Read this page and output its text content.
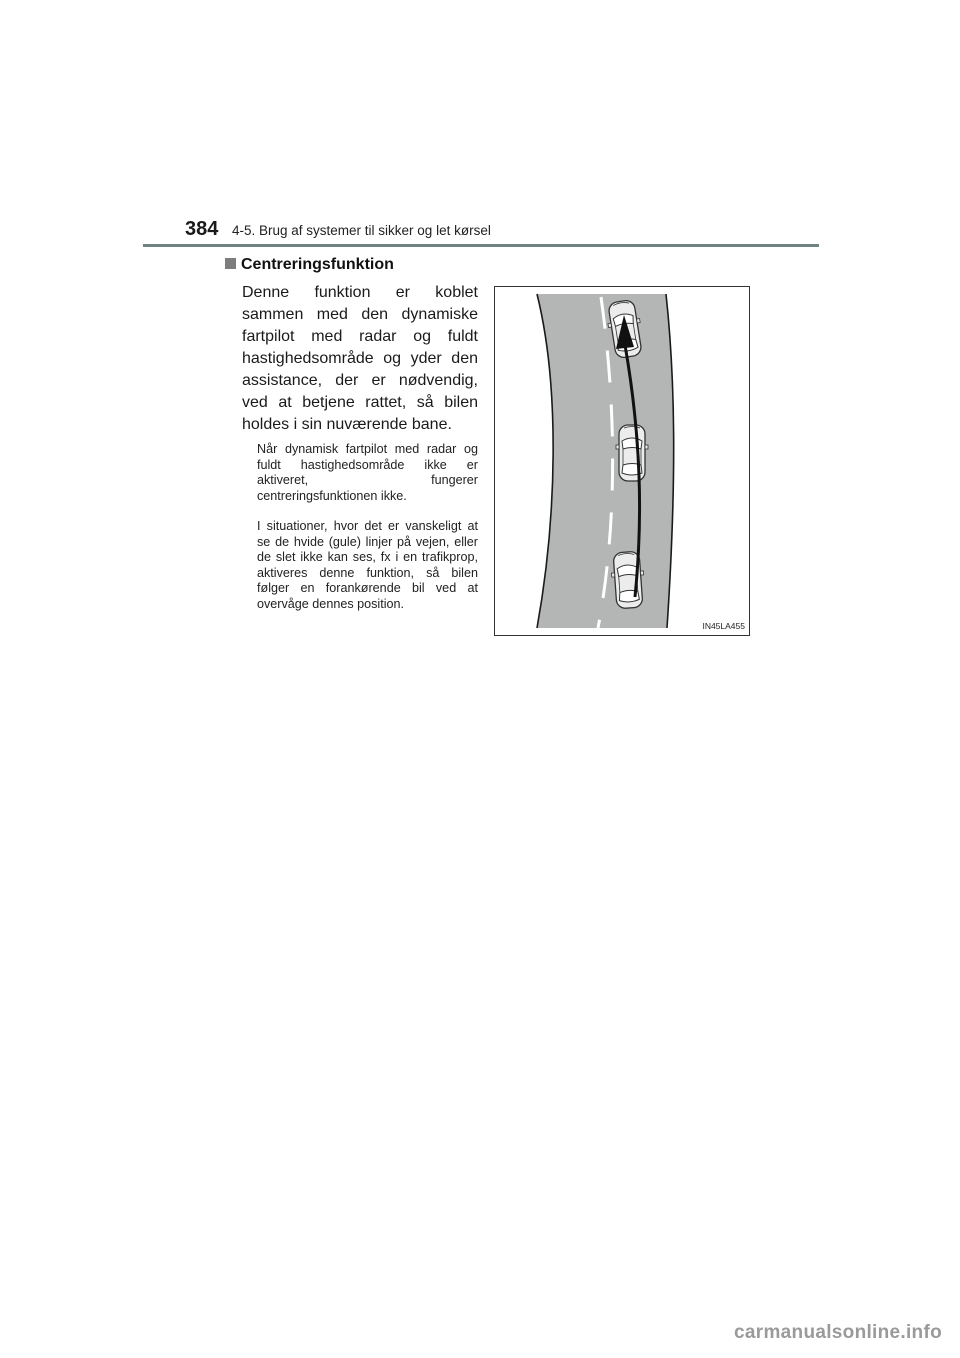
384 4-5. Brug af systemer til sikker og let kørsel
Centreringsfunktion
Denne funktion er koblet sammen med den dynamiske fartpilot med radar og fuldt hastighedsområde og yder den assistance, der er nødvendig, ved at betjene rattet, så bilen holdes i sin nuværende bane.
Når dynamisk fartpilot med radar og fuldt hastighedsområde ikke er aktiveret, fungerer centreringsfunktionen ikke.
I situationer, hvor det er vanskeligt at se de hvide (gule) linjer på vejen, eller de slet ikke kan ses, fx i en trafikprop, aktiveres denne funktion, så bilen følger en forankørende bil ved at overvåge dennes position.
IN45LA455
carmanualsonline.info
